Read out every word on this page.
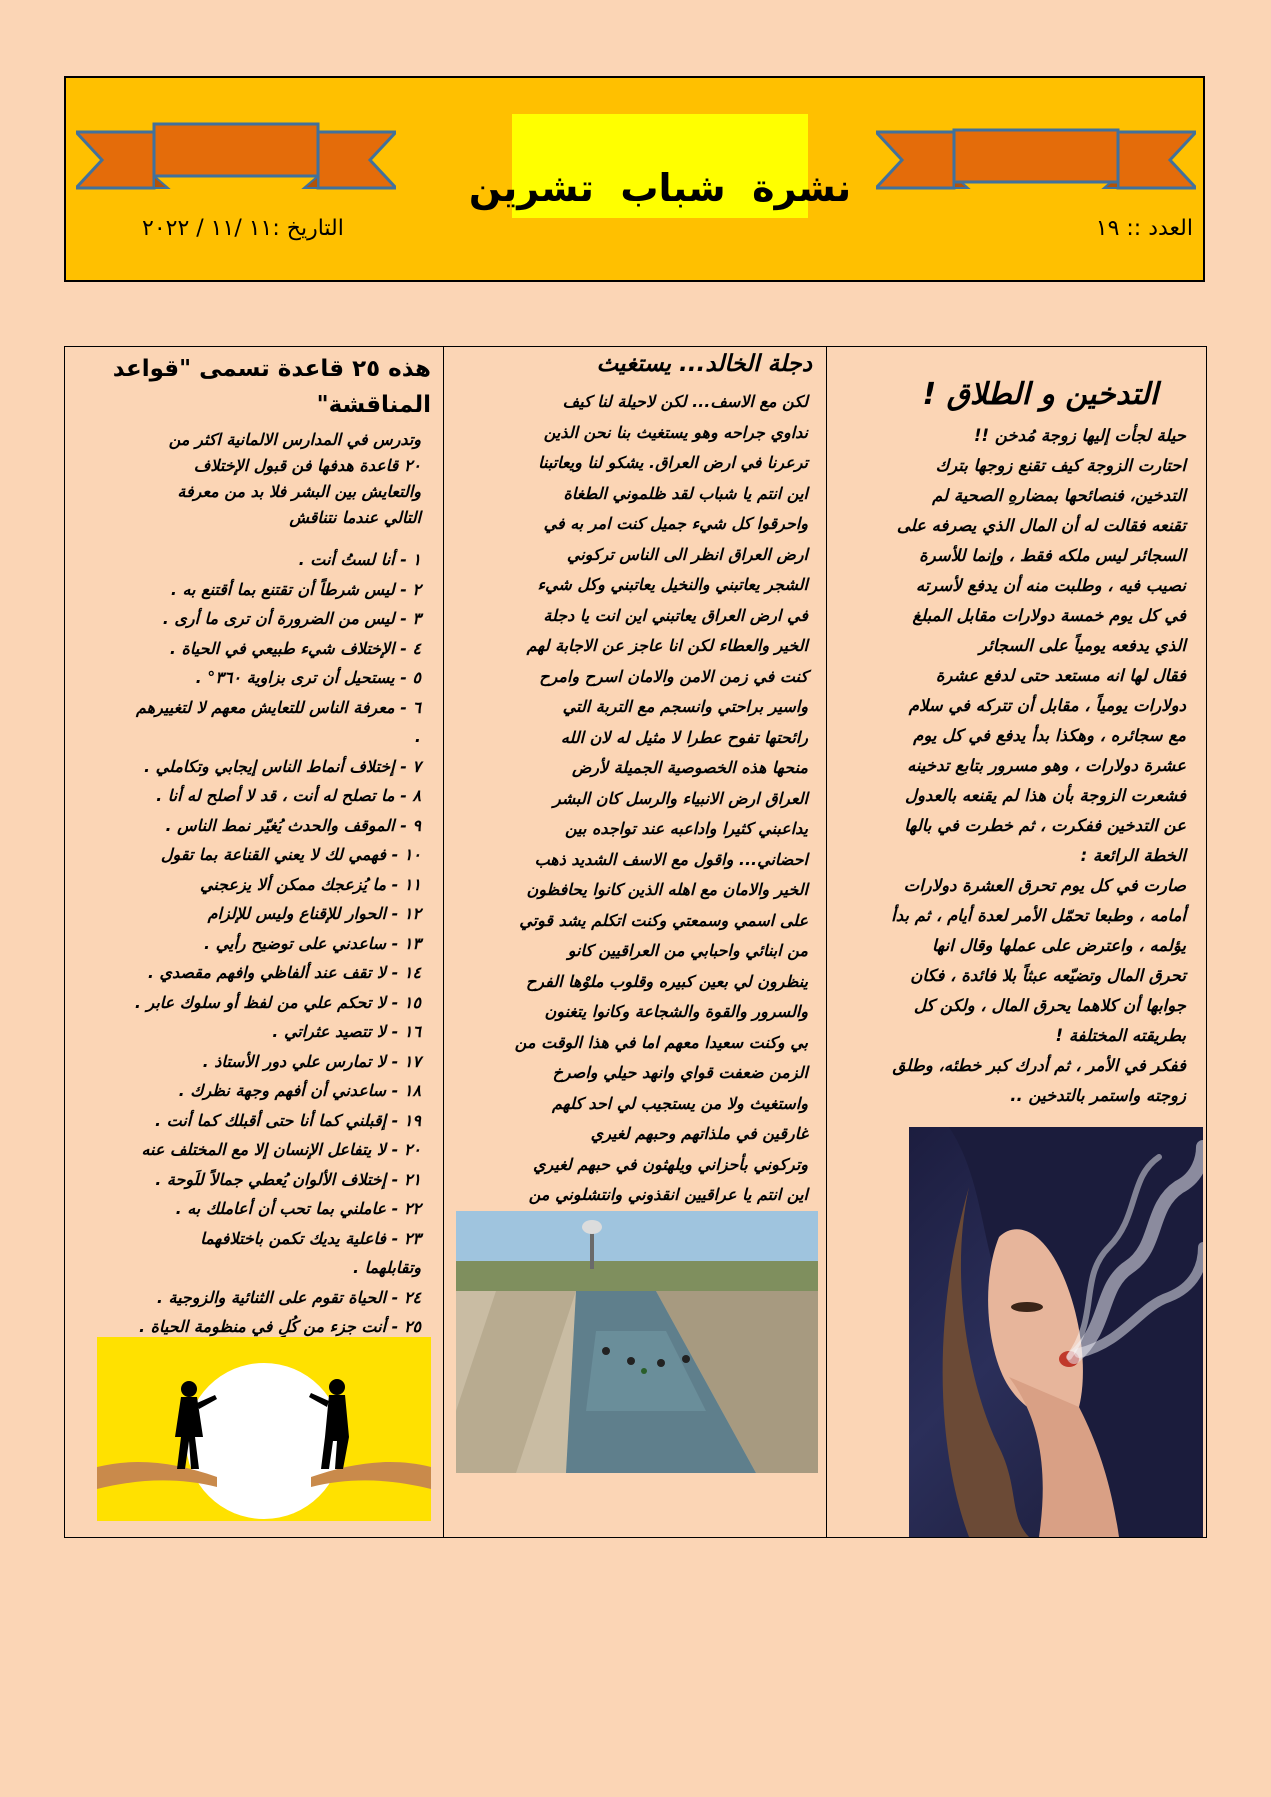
نشرة  شباب  تشرين
العدد :: ١٩
التاريخ :١١ /١١ / ٢٠٢٢
التدخين و الطلاق !

حيلة لجأت إليها زوجة مُدخن !!

احتارت الزوجة كيف تقنع زوجها بترك

التدخين، فنصائحها بمضارهِ الصحية لم

تقنعه فقالت له أن المال الذي يصرفه على

السجائر ليس ملكه فقط ، وإنما للأسرة

نصيب فيه ، وطلبت منه أن يدفع لأسرته

في كل يوم خمسة دولارات مقابل المبلغ

الذي يدفعه يومياً على السجائر

فقال لها انه مستعد حتى لدفع عشرة

دولارات يومياً ، مقابل أن تتركه في سلام

مع سجائره ، وهكذا بدأ يدفع في كل يوم

عشرة دولارات ، وهو مسرور بتابع تدخينه

فشعرت الزوجة بأن هذا لم يقنعه بالعدول

عن التدخين ففكرت ، ثم خطرت في بالها

الخطة الرائعة :

صارت في كل يوم تحرق العشرة دولارات

أمامه ، وطبعا تحمّل الأمر لعدة أيام ، ثم بدأ

يؤلمه ، واعترض على عملها وقال انها

تحرق المال وتضيّعه عبثاً بلا فائدة ، فكان

جوابها أن كلاهما يحرق المال ، ولكن كل

بطريقته المختلفة !

ففكر في الأمر ، ثم أدرك كبر خطئه، وطلق

زوجته واستمر بالتدخين ..

دجلة الخالد... يستغيث

لكن مع الاسف... لكن لاحيلة لنا كيف

نداوي جراحه وهو يستغيث بنا نحن الذين

ترعرنا في ارض العراق. يشكو لنا ويعاتبنا

اين انتم يا شباب لقد ظلموني الطغاة

واحرقوا كل شيء جميل كنت امر به في

ارض العراق انظر الى الناس تركوني

الشجر يعاتبني والنخيل يعاتبني وكل شيء

في ارض العراق يعاتبني اين انت يا دجلة

الخير والعطاء لكن انا عاجز عن الاجابة لهم

كنت في زمن الامن والامان اسرح وامرح

واسير براحتي وانسجم مع التربة التي

رائحتها تفوح عطرا لا مثيل له لان الله

منحها هذه الخصوصية الجميلة لأرض

العراق ارض الانبياء والرسل كان البشر

يداعبني كثيرا واداعبه عند تواجده بين

احضاني... واقول مع الاسف الشديد ذهب

الخير والامان مع اهله الذين كانوا يحافظون

على اسمي وسمعتي وكنت اتكلم يشد قوتي

من ابنائي واحبابي من العراقيين كانو

ينظرون لي بعين كبيره وقلوب ملوْها الفرح

والسرور والقوة والشجاعة وكانوا يتغنون

بي وكنت سعيدا معهم اما في هذا الوقت من

الزمن ضعفت قواي وانهد حيلي واصرخ

واستغيث ولا من يستجيب لي احد كلهم

غارقين في ملذاتهم وحبهم لغيري

وتركوني بأحزاني ويلهثون في حبهم لغيري

اين انتم يا عراقيين انقذوني وانتشلوني من

هذه ٢٥ قاعدة تسمى "قواعد المناقشة"

وتدرس في المدارس الالمانية اكثر من

٢٠ قاعدة هدفها فن قبول الإختلاف

والتعايش بين البشر فلا بد من معرفة

التالي عندما نتناقش

١ - أنا لستُ أنت .
٢ - ليس شرطاً أن تقتنع بما أقتنع به .
٣ - ليس من الضرورة أن ترى ما أرى .
٤ - الإختلاف شيء طبيعي في الحياة .
٥ - يستحيل أن ترى بزاوية ٣٦٠° .
٦ - معرفة الناس للتعايش معهم لا لتغييرهم
.
٧ - إختلاف أنماط الناس إيجابي وتكاملي .
٨ - ما تصلح له أنت ، قد لا أصلح له أنا .
٩ - الموقف والحدث يُغيّر نمط الناس .
١٠ - فهمي لك لا يعني القناعة بما تقول
١١ - ما يُزعجك ممكن ألا يزعجني
١٢ - الحوار للإقناع وليس للإلزام
١٣ - ساعدني على توضيح رأيي .
١٤ - لا تقف عند ألفاظي وافهم مقصدي .
١٥ - لا تحكم علي من لفظ أو سلوك عابر .
١٦ - لا تتصيد عثراتي .
١٧ - لا تمارس علي دور الأستاذ .
١٨ - ساعدني أن أفهم وجهة نظرك .
١٩ - إقبلني كما أنا حتى أقبلك كما أنت .
٢٠ - لا يتفاعل الإنسان إلا مع المختلف عنه
٢١ - إختلاف الألوان يُعطي جمالاً للَوحة .
٢٢ - عاملني بما تحب أن أعاملك به .
٢٣ - فاعلية يديك تكمن باختلافهما
وتقابلهما .
٢٤ - الحياة تقوم على الثنائية والزوجية .
٢٥ - أنت جزء من كُلٍ في منظومة الحياة .
